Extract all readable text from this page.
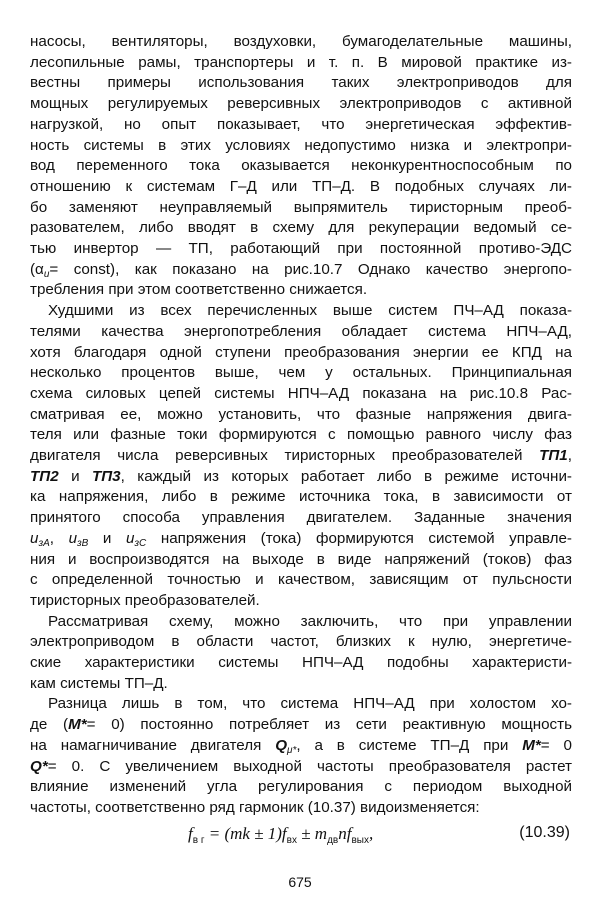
насосы, вентиляторы, воздуховки, бумагоделательные машины,
лесопильные рамы, транспортеры и т. п. В мировой практике из-
вестны примеры использования таких электроприводов для
мощных регулируемых реверсивных электроприводов с активной
нагрузкой, но опыт показывает, что энергетическая эффектив-
ность системы в этих условиях недопустимо низка и электропри-
вод переменного тока оказывается неконкурентноспособным по
отношению к системам Г–Д или ТП–Д. В подобных случаях ли-
бо заменяют неуправляемый выпрямитель тиристорным преоб-
разователем, либо вводят в схему для рекуперации ведомый се-
тью инвертор — ТП, работающий при постоянной противо-ЭДС
($\alpha_и=$ const), как показано на рис.10.7 Однако качество энергопо-
требления при этом соответственно снижается.
Худшими из всех перечисленных выше систем ПЧ–АД показа-
телями качества энергопотребления обладает система НПЧ–АД,
хотя благодаря одной ступени преобразования энергии ее КПД на
несколько процентов выше, чем у остальных. Принципиальная
схема силовых цепей системы НПЧ–АД показана на рис.10.8 Рас-
сматривая ее, можно установить, что фазные напряжения двига-
теля или фазные токи формируются с помощью равного числу фаз
двигателя числа реверсивных тиристорных преобразователей ТП1,
ТП2 и ТП3, каждый из которых работает либо в режиме источни-
ка напряжения, либо в режиме источника тока, в зависимости от
принятого способа управления двигателем. Заданные значения
$u_{зА}$, $u_{зВ}$ и $u_{зС}$ напряжения (тока) формируются системой управле-
ния и воспроизводятся на выходе в виде напряжений (токов) фаз
с определенной точностью и качеством, зависящим от пульсности
тиристорных преобразователей.
Рассматривая схему, можно заключить, что при управлении
электроприводом в области частот, близких к нулю, энергетиче-
ские характеристики системы НПЧ–АД подобны характеристи-
кам системы ТП–Д.
Разница лишь в том, что система НПЧ–АД при холостом хо-
де (M*= 0) постоянно потребляет из сети реактивную мощность
на намагничивание двигателя $Q_{\mu*}$, а в системе ТП–Д при M*= 0
Q*= 0. С увеличением выходной частоты преобразователя растет
влияние изменений угла регулирования с периодом выходной
частоты, соответственно ряд гармоник (10.37) видоизменяется:
$f_{в г} = (mk \pm 1)f_{вх} \pm m_{дв}nf_{вых}$,	(10.39)
675
